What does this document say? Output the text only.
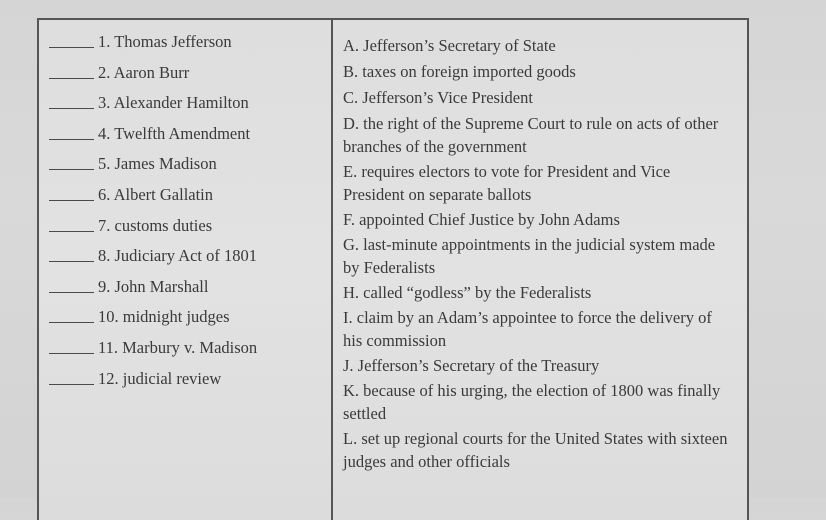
1. Thomas Jefferson
2. Aaron Burr
3. Alexander Hamilton
4. Twelfth Amendment
5. James Madison
6. Albert Gallatin
7. customs duties
8. Judiciary Act of 1801
9. John Marshall
10. midnight judges
11. Marbury v. Madison
12. judicial review

A. Jefferson’s Secretary of State

B. taxes on foreign imported goods

C. Jefferson’s Vice President

D. the right of the Supreme Court to rule on acts of other branches of the government

E. requires electors to vote for President and Vice President on separate ballots

F. appointed Chief Justice by John Adams

G. last-minute appointments in the judicial system made by Federalists

H. called “godless” by the Federalists

I. claim by an Adam’s appointee to force the delivery of his commission

J. Jefferson’s Secretary of the Treasury

K. because of his urging, the election of 1800 was finally settled

L. set up regional courts for the United States with sixteen judges and other officials
